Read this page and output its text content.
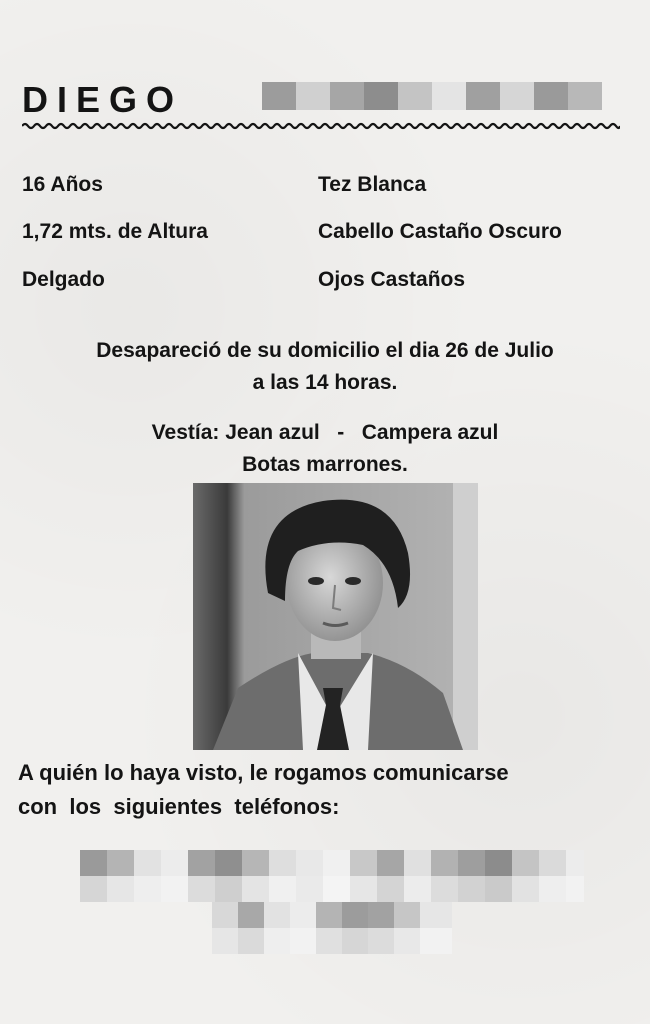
DIEGO
16 Años
1,72 mts. de Altura
Delgado
Tez Blanca
Cabello Castaño Oscuro
Ojos Castaños
Desapareció de su domicilio el dia 26 de Julio
a las 14 horas.
Vestía: Jean azul   -   Campera azul
Botas marrones.
A quién lo haya visto, le rogamos comunicarse
con  los  siguientes  teléfonos:
